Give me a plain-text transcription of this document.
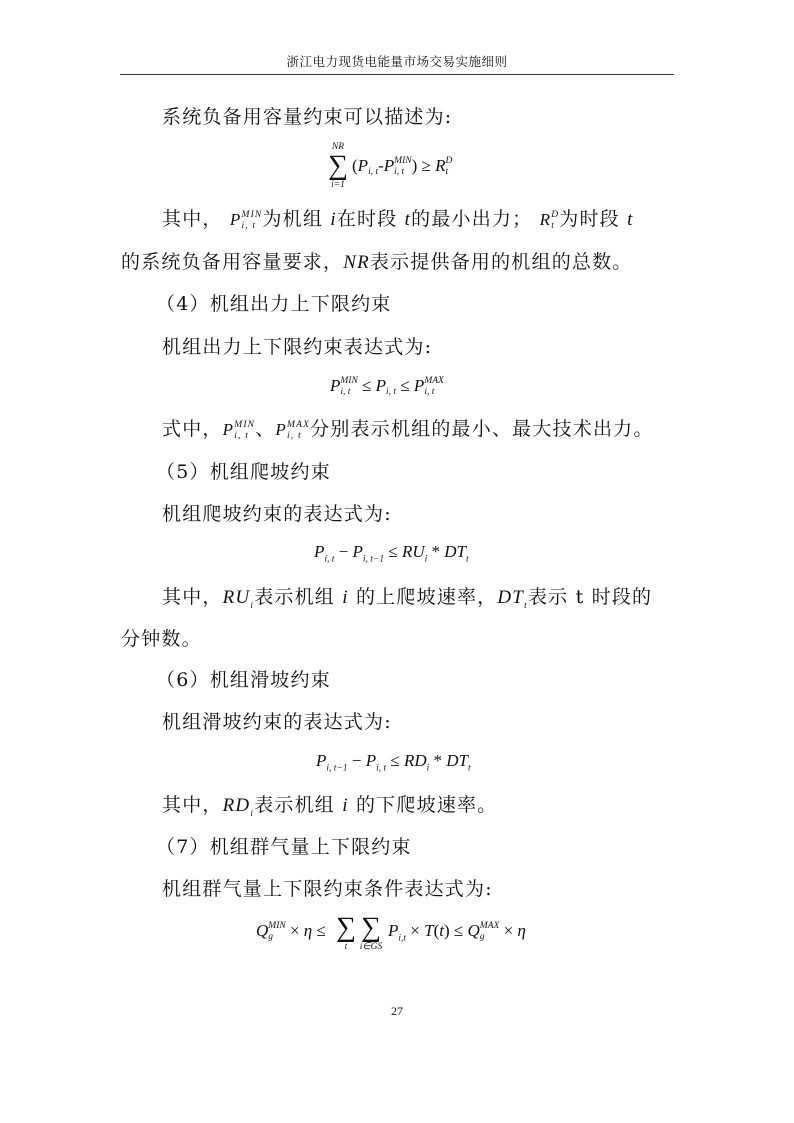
浙江电力现货电能量市场交易实施细则
系统负备用容量约束可以描述为:
NR
∑
i=1
(P
i, t -P MIN
i, t ) ≥ R D
t
其中， P MIN
i, t 为机组 i在时段 t的最小出力； R D
t 为时段 t
的系统负备用容量要求，NR表示提供备用的机组的总数。
（4）机组出力上下限约束
机组出力上下限约束表达式为:
P MIN
i, t ≤ P
i, t ≤ P MAX
i, t
式中，P MIN
i, t 、P MAX
i, t 分别表示机组的最小、最大技术出力。
（5）机组爬坡约束
机组爬坡约束的表达式为:
$P_{i, t} - P_{i, t-1} \le RU_i * DT_t$
其中，$RU_i$表示机组 i 的上爬坡速率，$DT_t$表示 t 时段的
分钟数。
（6）机组滑坡约束
机组滑坡约束的表达式为:
$P_{i, t-1} - P_{i, t} \le RD_i * DT_t$
其中，$RD_i$表示机组 i 的下爬坡速率。
（7）机组群气量上下限约束
机组群气量上下限约束条件表达式为:
Q MIN
g × η ≤ ∑
t
∑
i∈GS
$P_{i,t} \times T(t) \le Q$ MAX
g × η
27
